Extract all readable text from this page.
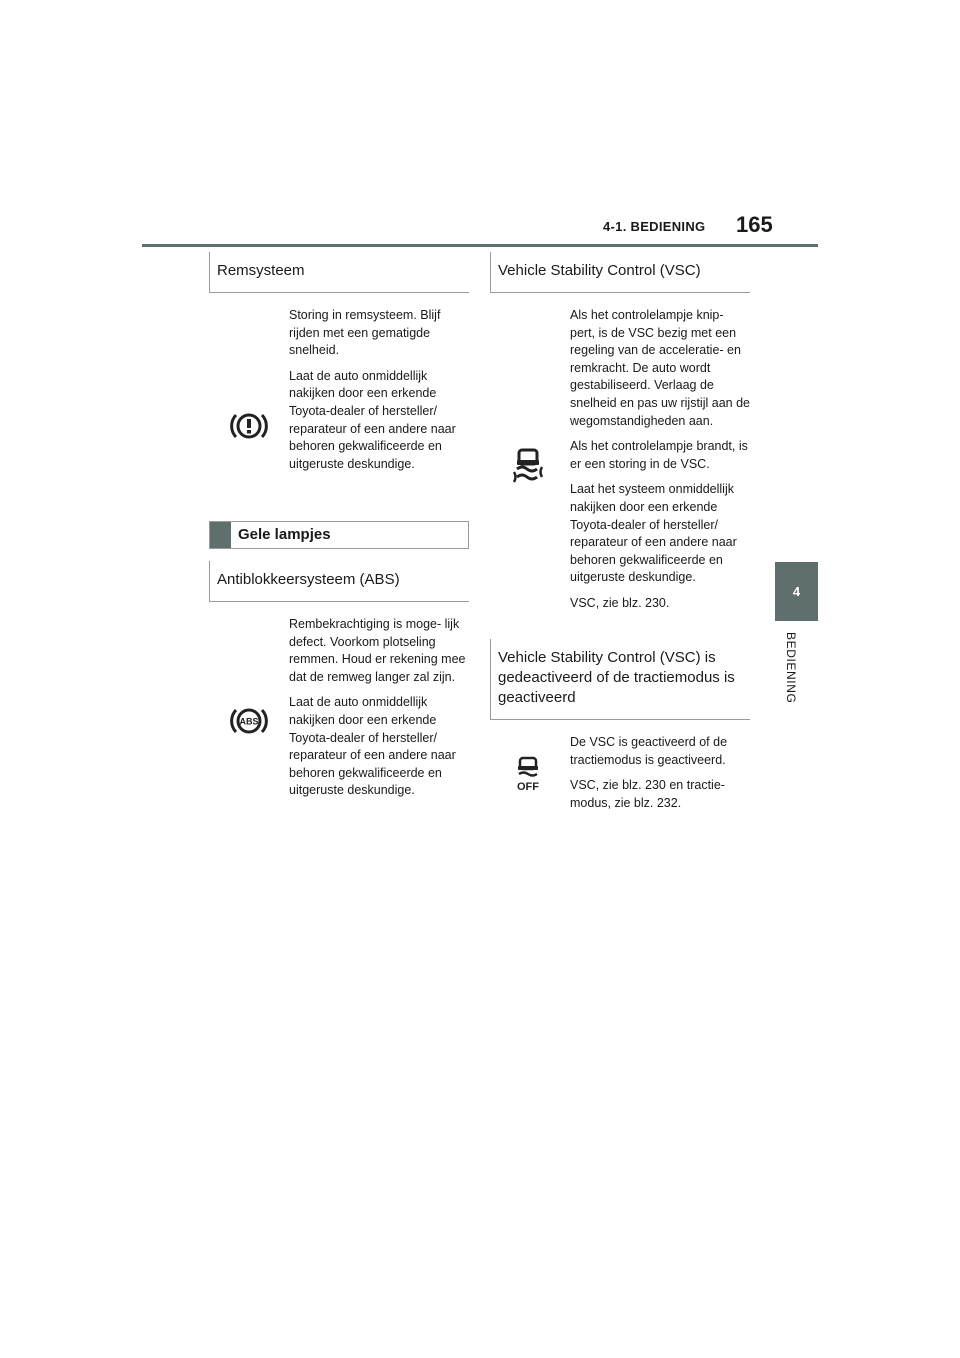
4-1. BEDIENING 165
4
BEDIENING
Remsysteem

Storing in remsysteem. Blijf rijden met een gematigde snelheid.

Laat de auto onmiddellijk nakijken door een erkende Toyota-dealer of hersteller/ reparateur of een andere naar behoren gekwalificeerde en uitgeruste deskundige.

Gele lampjes
Antiblokkeersysteem (ABS)
ABS

Rembekrachtiging is moge- lijk defect. Voorkom plotseling remmen. Houd er rekening mee dat de remweg langer zal zijn.

Laat de auto onmiddellijk nakijken door een erkende Toyota-dealer of hersteller/ reparateur of een andere naar behoren gekwalificeerde en uitgeruste deskundige.

Vehicle Stability Control (VSC)

Als het controlelampje knip- pert, is de VSC bezig met een regeling van de acceleratie- en remkracht. De auto wordt gestabiliseerd. Verlaag de snelheid en pas uw rijstijl aan de wegomstandigheden aan.

Als het controlelampje brandt, is er een storing in de VSC.

Laat het systeem onmiddellijk nakijken door een erkende Toyota-dealer of hersteller/ reparateur of een andere naar behoren gekwalificeerde en uitgeruste deskundige.

VSC, zie blz. 230.

Vehicle Stability Control (VSC) is gedeactiveerd of de tractiemodus is geactiveerd
OFF

De VSC is geactiveerd of de tractiemodus is geactiveerd.

VSC, zie blz. 230 en tractie- modus, zie blz. 232.
